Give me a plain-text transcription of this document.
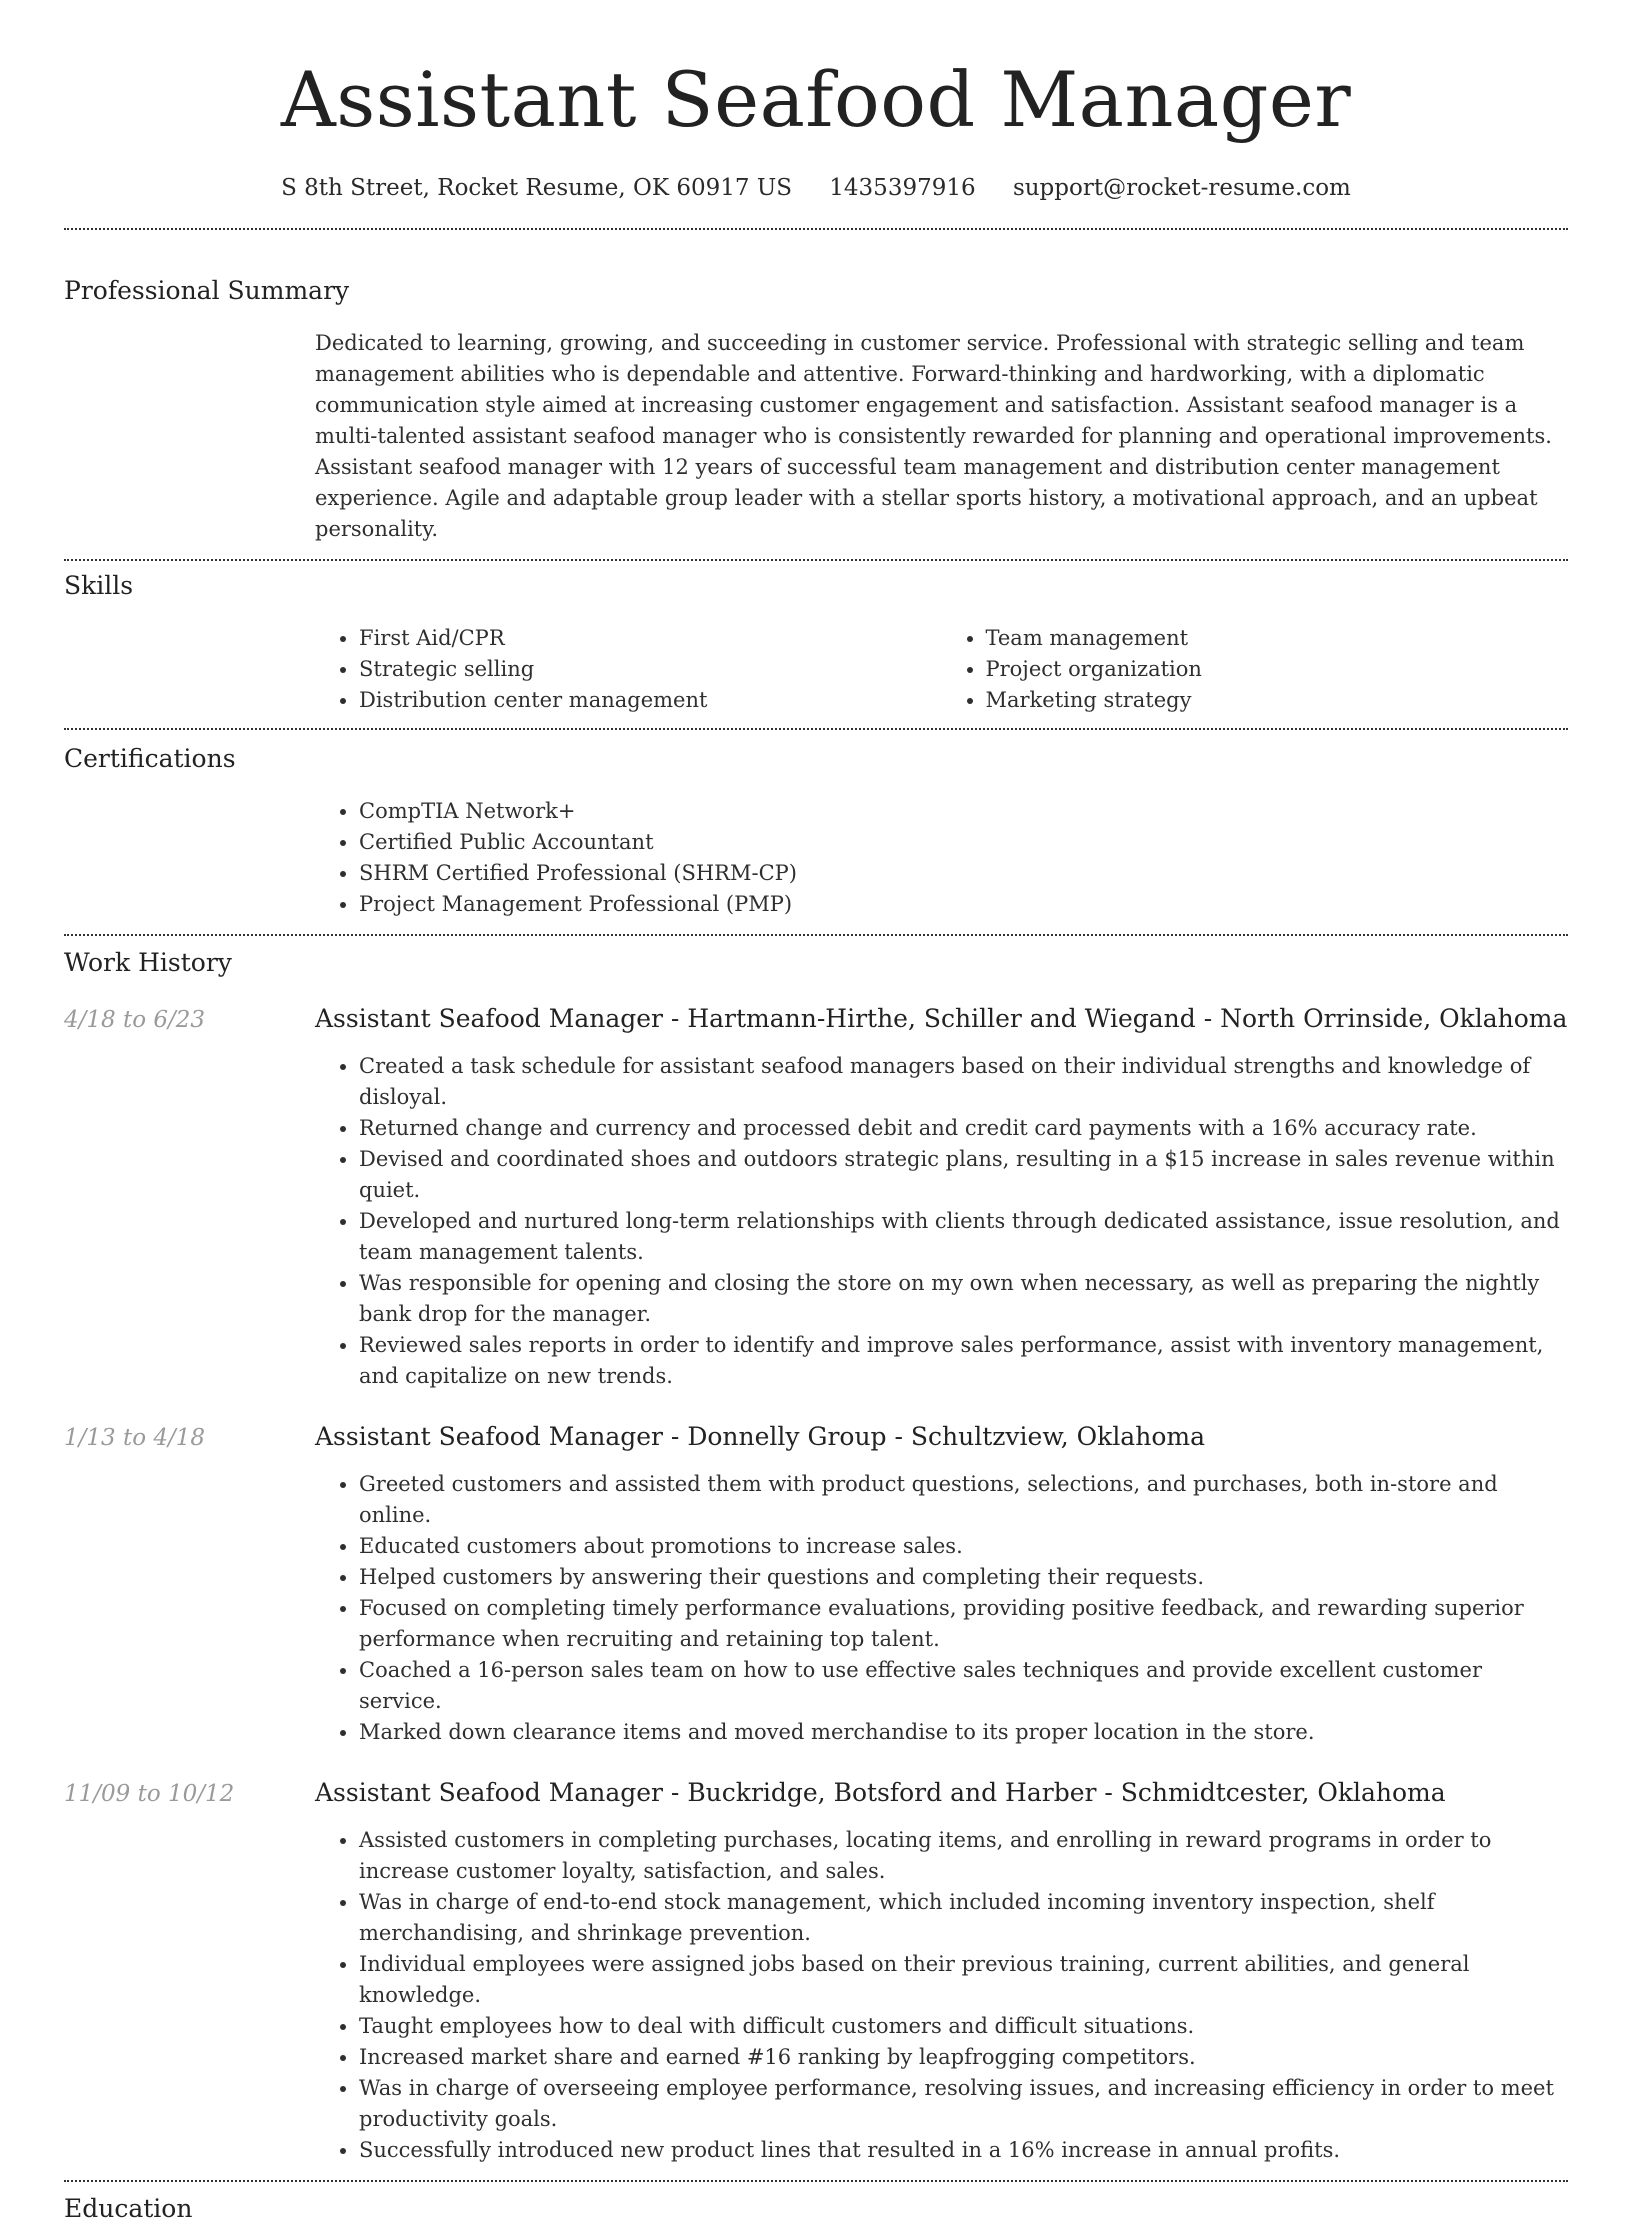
Assistant Seafood Manager
S 8th Street, Rocket Resume, OK 60917 US 1435397916 support@rocket-resume.com
Professional Summary

Dedicated to learning, growing, and succeeding in customer service. Professional with strategic selling and team management abilities who is dependable and attentive. Forward-thinking and hardworking, with a diplomatic communication style aimed at increasing customer engagement and satisfaction. Assistant seafood manager is a multi-talented assistant seafood manager who is consistently rewarded for planning and operational improvements. Assistant seafood manager with 12 years of successful team management and distribution center management experience. Agile and adaptable group leader with a stellar sports history, a motivational approach, and an upbeat personality.

Skills
• First Aid/CPR
• Strategic selling
• Distribution center management
• Team management
• Project organization
• Marketing strategy
Certifications
• CompTIA Network+
• Certified Public Accountant
• SHRM Certified Professional (SHRM-CP)
• Project Management Professional (PMP)
Work History
4/18 to 6/23	Assistant Seafood Manager - Hartmann-Hirthe, Schiller and Wiegand - North Orrinside, Oklahoma
• Created a task schedule for assistant seafood managers based on their individual strengths and knowledge of disloyal.
• Returned change and currency and processed debit and credit card payments with a 16% accuracy rate.
• Devised and coordinated shoes and outdoors strategic plans, resulting in a $15 increase in sales revenue within quiet.
• Developed and nurtured long-term relationships with clients through dedicated assistance, issue resolution, and team management talents.
• Was responsible for opening and closing the store on my own when necessary, as well as preparing the nightly bank drop for the manager.
• Reviewed sales reports in order to identify and improve sales performance, assist with inventory management, and capitalize on new trends.
1/13 to 4/18	Assistant Seafood Manager - Donnelly Group - Schultzview, Oklahoma
• Greeted customers and assisted them with product questions, selections, and purchases, both in-store and online.
• Educated customers about promotions to increase sales.
• Helped customers by answering their questions and completing their requests.
• Focused on completing timely performance evaluations, providing positive feedback, and rewarding superior performance when recruiting and retaining top talent.
• Coached a 16-person sales team on how to use effective sales techniques and provide excellent customer service.
• Marked down clearance items and moved merchandise to its proper location in the store.
11/09 to 10/12	Assistant Seafood Manager - Buckridge, Botsford and Harber - Schmidtcester, Oklahoma
• Assisted customers in completing purchases, locating items, and enrolling in reward programs in order to increase customer loyalty, satisfaction, and sales.
• Was in charge of end-to-end stock management, which included incoming inventory inspection, shelf merchandising, and shrinkage prevention.
• Individual employees were assigned jobs based on their previous training, current abilities, and general knowledge.
• Taught employees how to deal with difficult customers and difficult situations.
• Increased market share and earned #16 ranking by leapfrogging competitors.
• Was in charge of overseeing employee performance, resolving issues, and increasing efficiency in order to meet productivity goals.
• Successfully introduced new product lines that resulted in a 16% increase in annual profits.
Education
